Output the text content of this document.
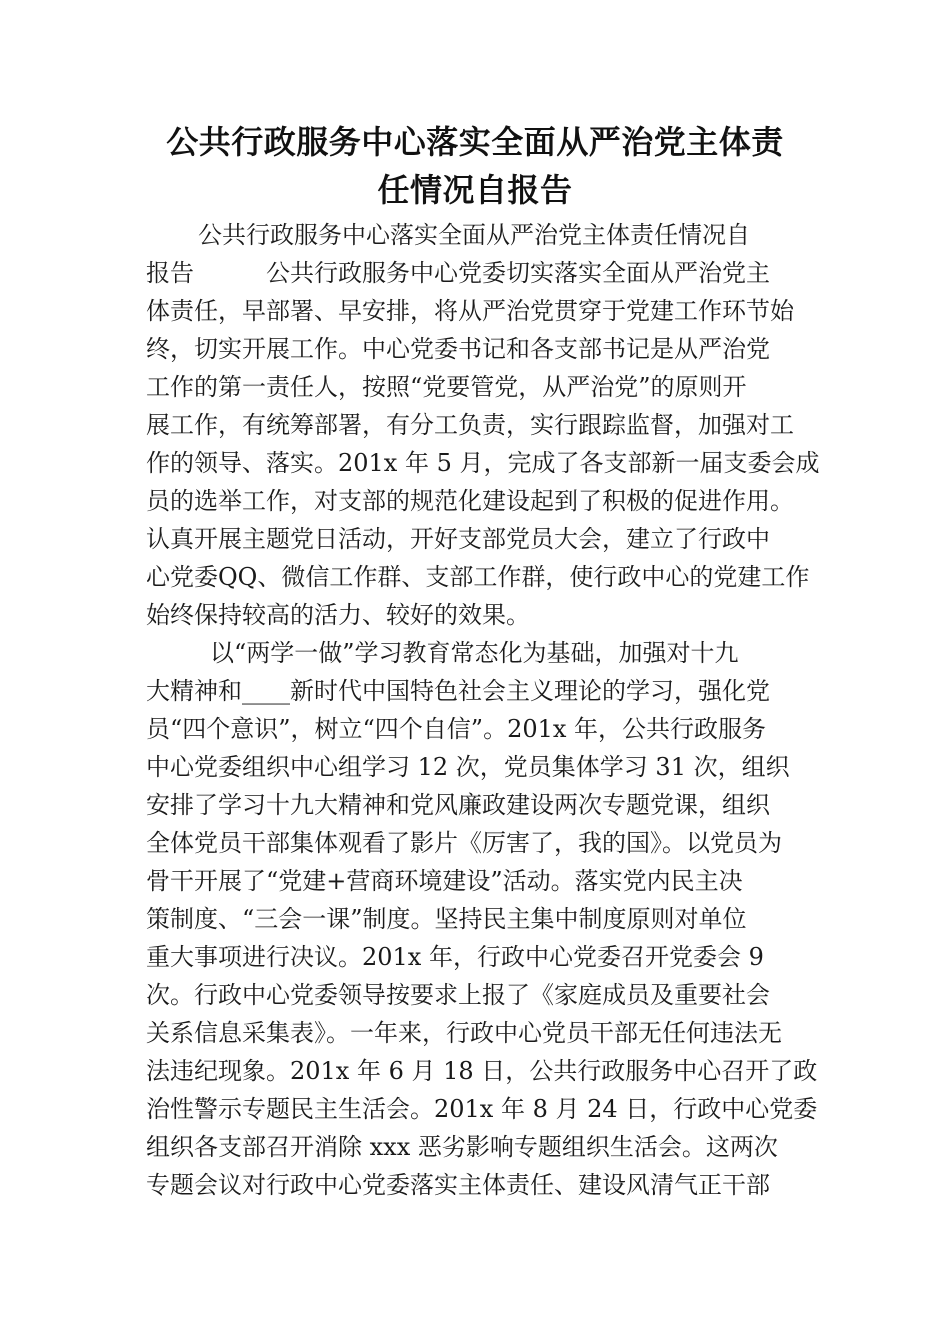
公共行政服务中心落实全面从严治党主体责
任情况自报告
公共行政服务中心落实全面从严治党主体责任情况自
报告　　　公共行政服务中心党委切实落实全面从严治党主
体责任，早部署、早安排，将从严治党贯穿于党建工作环节始
终，切实开展工作。中心党委书记和各支部书记是从严治党
工作的第一责任人，按照“党要管党，从严治党”的原则开
展工作，有统筹部署，有分工负责，实行跟踪监督，加强对工
作的领导、落实。201x 年 5 月，完成了各支部新一届支委会成
员的选举工作，对支部的规范化建设起到了积极的促进作用。
认真开展主题党日活动，开好支部党员大会，建立了行政中
心党委QQ、微信工作群、支部工作群，使行政中心的党建工作
始终保持较高的活力、较好的效果。
以“两学一做”学习教育常态化为基础，加强对十九
大精神和____新时代中国特色社会主义理论的学习，强化党
员“四个意识”，树立“四个自信”。201x 年，公共行政服务
中心党委组织中心组学习 12 次，党员集体学习 31 次，组织
安排了学习十九大精神和党风廉政建设两次专题党课，组织
全体党员干部集体观看了影片《厉害了，我的国》。以党员为
骨干开展了“党建+营商环境建设”活动。落实党内民主决
策制度、“三会一课”制度。坚持民主集中制度原则对单位
重大事项进行决议。201x 年，行政中心党委召开党委会 9
次。行政中心党委领导按要求上报了《家庭成员及重要社会
关系信息采集表》。一年来，行政中心党员干部无任何违法无
法违纪现象。201x 年 6 月 18 日，公共行政服务中心召开了政
治性警示专题民主生活会。201x 年 8 月 24 日，行政中心党委
组织各支部召开消除 xxx 恶劣影响专题组织生活会。这两次
专题会议对行政中心党委落实主体责任、建设风清气正干部
